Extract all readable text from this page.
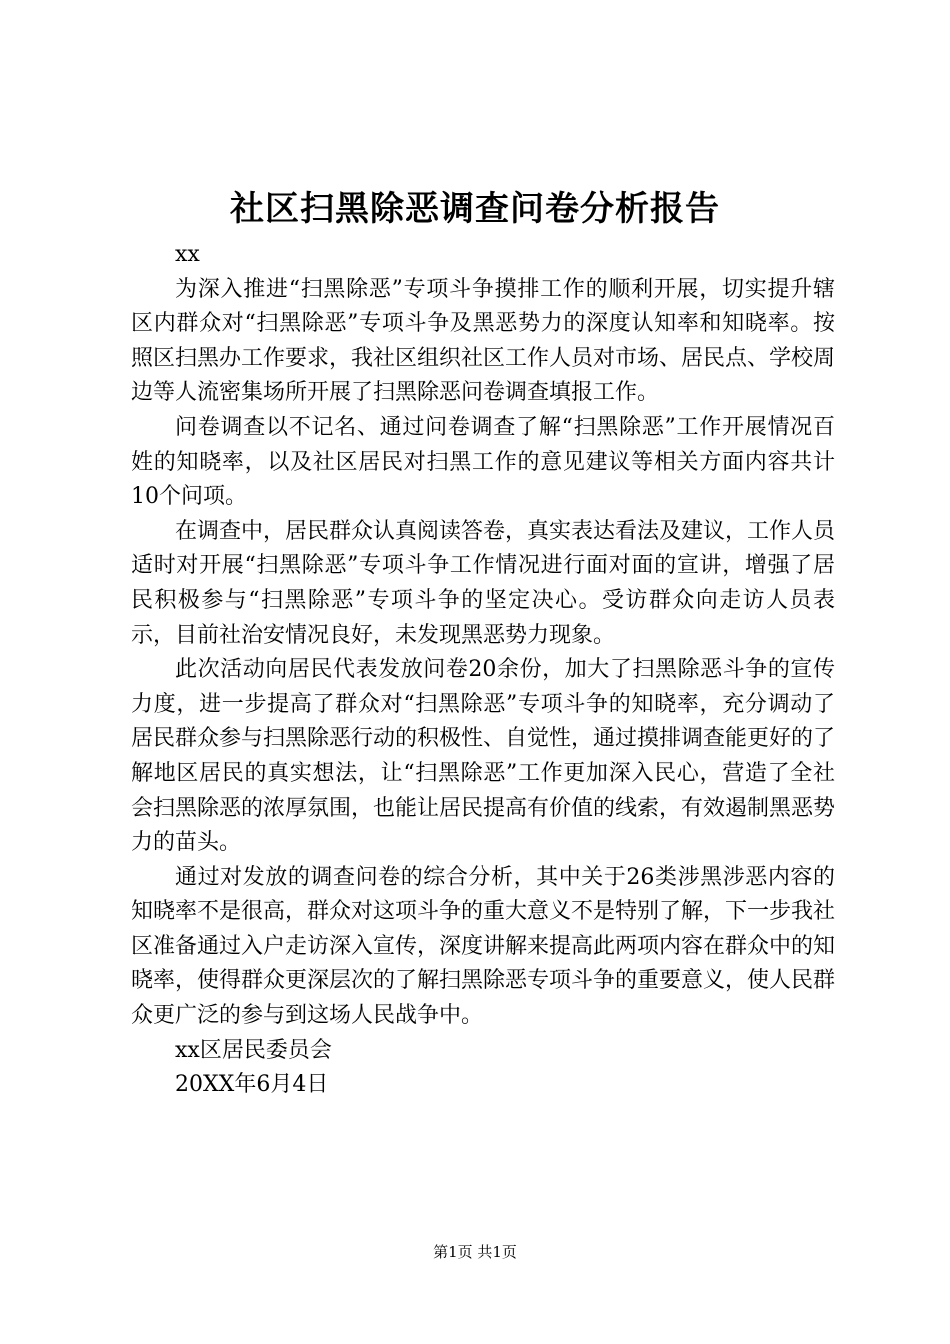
社区扫黑除恶调查问卷分析报告

xx

为深入推进“扫黑除恶”专项斗争摸排工作的顺利开展，切实提升辖区内群众对“扫黑除恶”专项斗争及黑恶势力的深度认知率和知晓率。按照区扫黑办工作要求，我社区组织社区工作人员对市场、居民点、学校周边等人流密集场所开展了扫黑除恶问卷调查填报工作。

问卷调查以不记名、通过问卷调查了解“扫黑除恶”工作开展情况百姓的知晓率，以及社区居民对扫黑工作的意见建议等相关方面内容共计10个问项。

在调查中，居民群众认真阅读答卷，真实表达看法及建议，工作人员适时对开展“扫黑除恶”专项斗争工作情况进行面对面的宣讲，增强了居民积极参与“扫黑除恶”专项斗争的坚定决心。受访群众向走访人员表示，目前社治安情况良好，未发现黑恶势力现象。

此次活动向居民代表发放问卷20余份，加大了扫黑除恶斗争的宣传力度，进一步提高了群众对“扫黑除恶”专项斗争的知晓率，充分调动了居民群众参与扫黑除恶行动的积极性、自觉性，通过摸排调查能更好的了解地区居民的真实想法，让“扫黑除恶”工作更加深入民心，营造了全社会扫黑除恶的浓厚氛围，也能让居民提高有价值的线索，有效遏制黑恶势力的苗头。

通过对发放的调查问卷的综合分析，其中关于26类涉黑涉恶内容的知晓率不是很高，群众对这项斗争的重大意义不是特别了解，下一步我社区准备通过入户走访深入宣传，深度讲解来提高此两项内容在群众中的知晓率，使得群众更深层次的了解扫黑除恶专项斗争的重要意义，使人民群众更广泛的参与到这场人民战争中。

xx区居民委员会

20XX年6月4日

第1页 共1页
